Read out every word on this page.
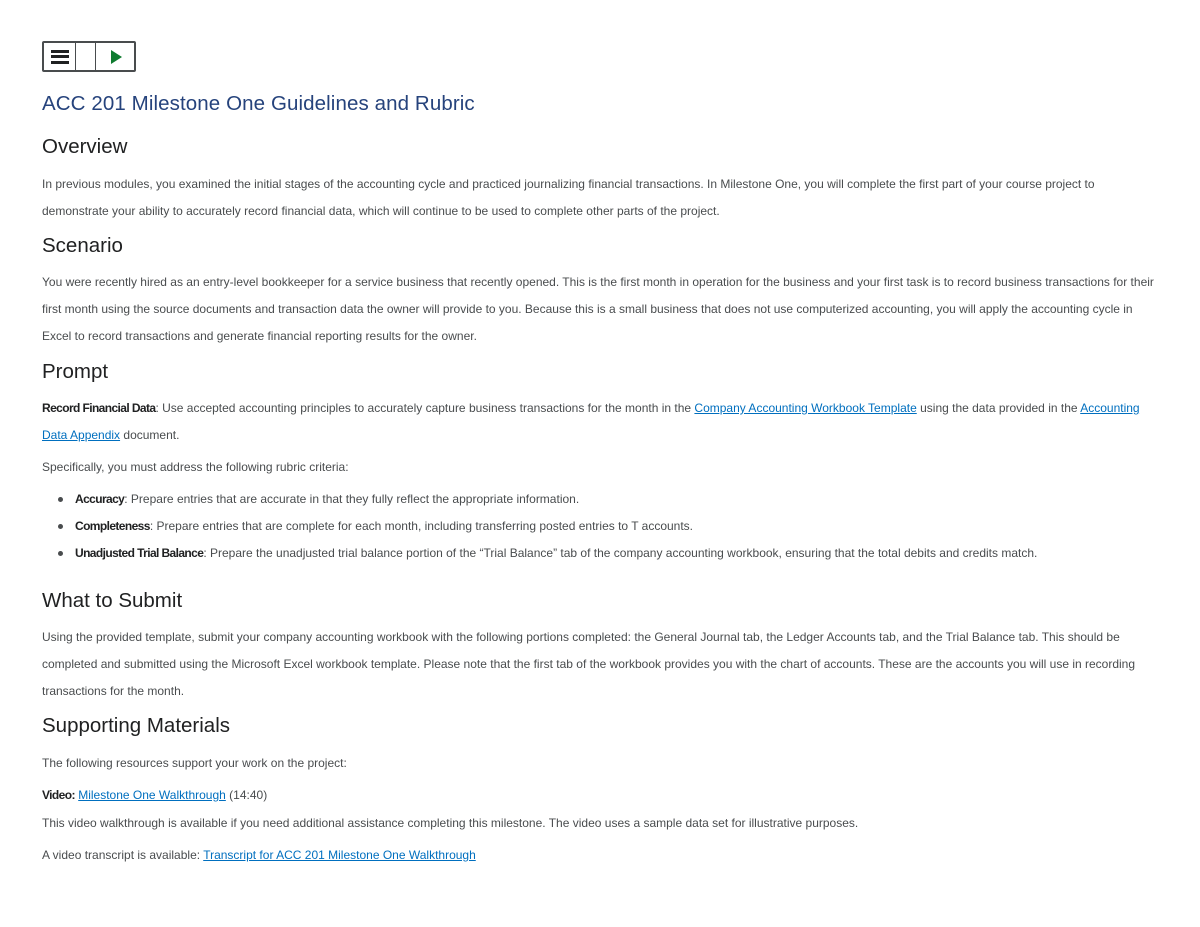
ACC 201 Milestone One Guidelines and Rubric
Overview

In previous modules, you examined the initial stages of the accounting cycle and practiced journalizing financial transactions. In Milestone One, you will complete the first part of your course project to demonstrate your ability to accurately record financial data, which will continue to be used to complete other parts of the project.

Scenario

You were recently hired as an entry-level bookkeeper for a service business that recently opened. This is the first month in operation for the business and your first task is to record business transactions for their first month using the source documents and transaction data the owner will provide to you. Because this is a small business that does not use computerized accounting, you will apply the accounting cycle in Excel to record transactions and generate financial reporting results for the owner.

Prompt

Record Financial Data: Use accepted accounting principles to accurately capture business transactions for the month in the Company Accounting Workbook Template using the data provided in the Accounting Data Appendix document.

Specifically, you must address the following rubric criteria:

Accuracy: Prepare entries that are accurate in that they fully reflect the appropriate information.
Completeness: Prepare entries that are complete for each month, including transferring posted entries to T accounts.
Unadjusted Trial Balance: Prepare the unadjusted trial balance portion of the “Trial Balance” tab of the company accounting workbook, ensuring that the total debits and credits match.
What to Submit

Using the provided template, submit your company accounting workbook with the following portions completed: the General Journal tab, the Ledger Accounts tab, and the Trial Balance tab. This should be completed and submitted using the Microsoft Excel workbook template. Please note that the first tab of the workbook provides you with the chart of accounts. These are the accounts you will use in recording transactions for the month.

Supporting Materials

The following resources support your work on the project:

Video: Milestone One Walkthrough (14:40)

This video walkthrough is available if you need additional assistance completing this milestone. The video uses a sample data set for illustrative purposes.

A video transcript is available: Transcript for ACC 201 Milestone One Walkthrough
